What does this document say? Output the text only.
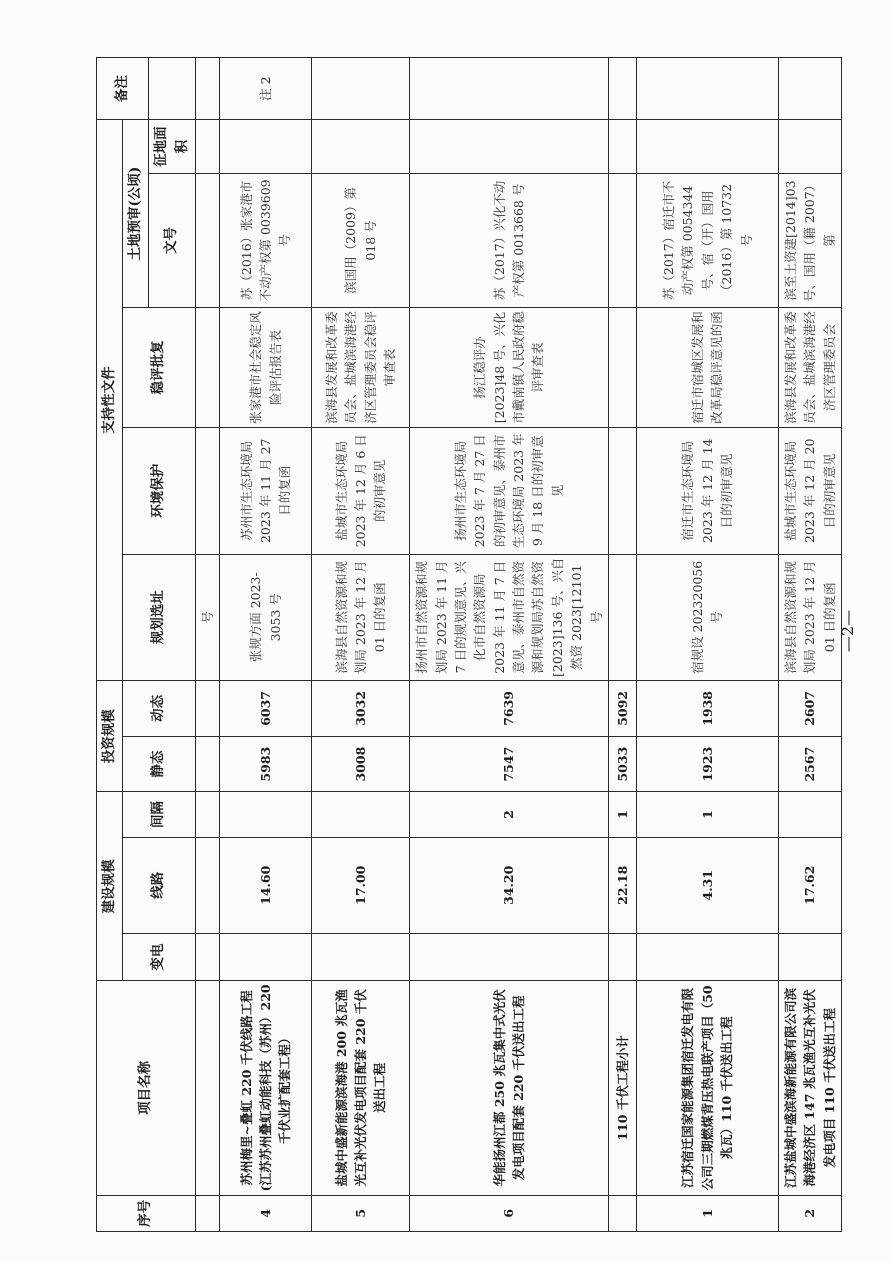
序号	项目名称	建设规模			投资规模		支持性文件					备注
		变电	线路	间隔	静态	动态	规划选址	环境保护	稳评批复	土地预审(公顷)		
										文号	征地面积	
							号					
4	苏州梅里~叠虹 220 千伏线路工程(江苏苏州叠虹动能科技（苏州）220 千伏业扩配套工程）		14.60		5983	6037	张规方面 2023-3053 号	苏州市生态环境局 2023 年 11 月 27 日的复函	张家港市社会稳定风险评估报告表	苏（2016）张家港市不动产权第 0039609 号		注 2
5	盐城中盛新能源滨海港 200 兆瓦渔光互补光伏发电项目配套 220 千伏送出工程		17.00		3008	3032	滨海县自然资源和规划局 2023 年 12 月 01 日的复函	盐城市生态环境局 2023 年 12 月 6 日的初审意见	滨海县发展和改革委员会、盐城滨海港经济区管理委员会稳评审查表	滨国用（2009）第 018 号		
6	华能扬州江都 250 兆瓦集中式光伏发电项目配套 220 千伏送出工程		34.20	2	7547	7639	扬州市自然资源和规划局 2023 年 11 月 7 日的规划意见、兴化市自然资源局 2023 年 11 月 7 日意见、泰州市自然资源和规划局苏自然资[2023]136 号、兴自然资 2023[12101 号	扬州市生态环境局 2023 年 7 月 27 日的初审意见、泰州市生态环境局 2023 年 9 月 18 日的初审意见	扬江稳评办[2023]48 号、兴化市戴南镇人民政府稳评审查表	苏（2017）兴化不动产权第 0013668 号		
	110 千伏工程小计		22.18	1	5033	5092						
1	江苏宿迁国家能源集团宿迁发电有限公司三期燃煤背压热电联产项目（50 兆瓦）110 千伏送出工程		4.31	1	1923	1938	宿规设 202320056 号	宿迁市生态环境局 2023 年 12 月 14 日的初审意见	宿迁市宿城区发展和改革局稳评意见的函	苏（2017）宿迁市不动产权第 0054344 号、宿（开）国用（2016）第 10732 号		
2	江苏盐城中盛滨海新能源有限公司滨海港经济区 147 兆瓦渔光互补光伏发电项目 110 千伏送出工程		17.62		2567	2607	滨海县自然资源和规划局 2023 年 12 月 01 日的复函	盐城市生态环境局 2023 年 12 月 20 日的初审意见	滨海县发展和改革委员会、盐城滨海港经济区管理委员会	滨至土资建[2014]03 号、国用（籍 2007）第		
—2—
